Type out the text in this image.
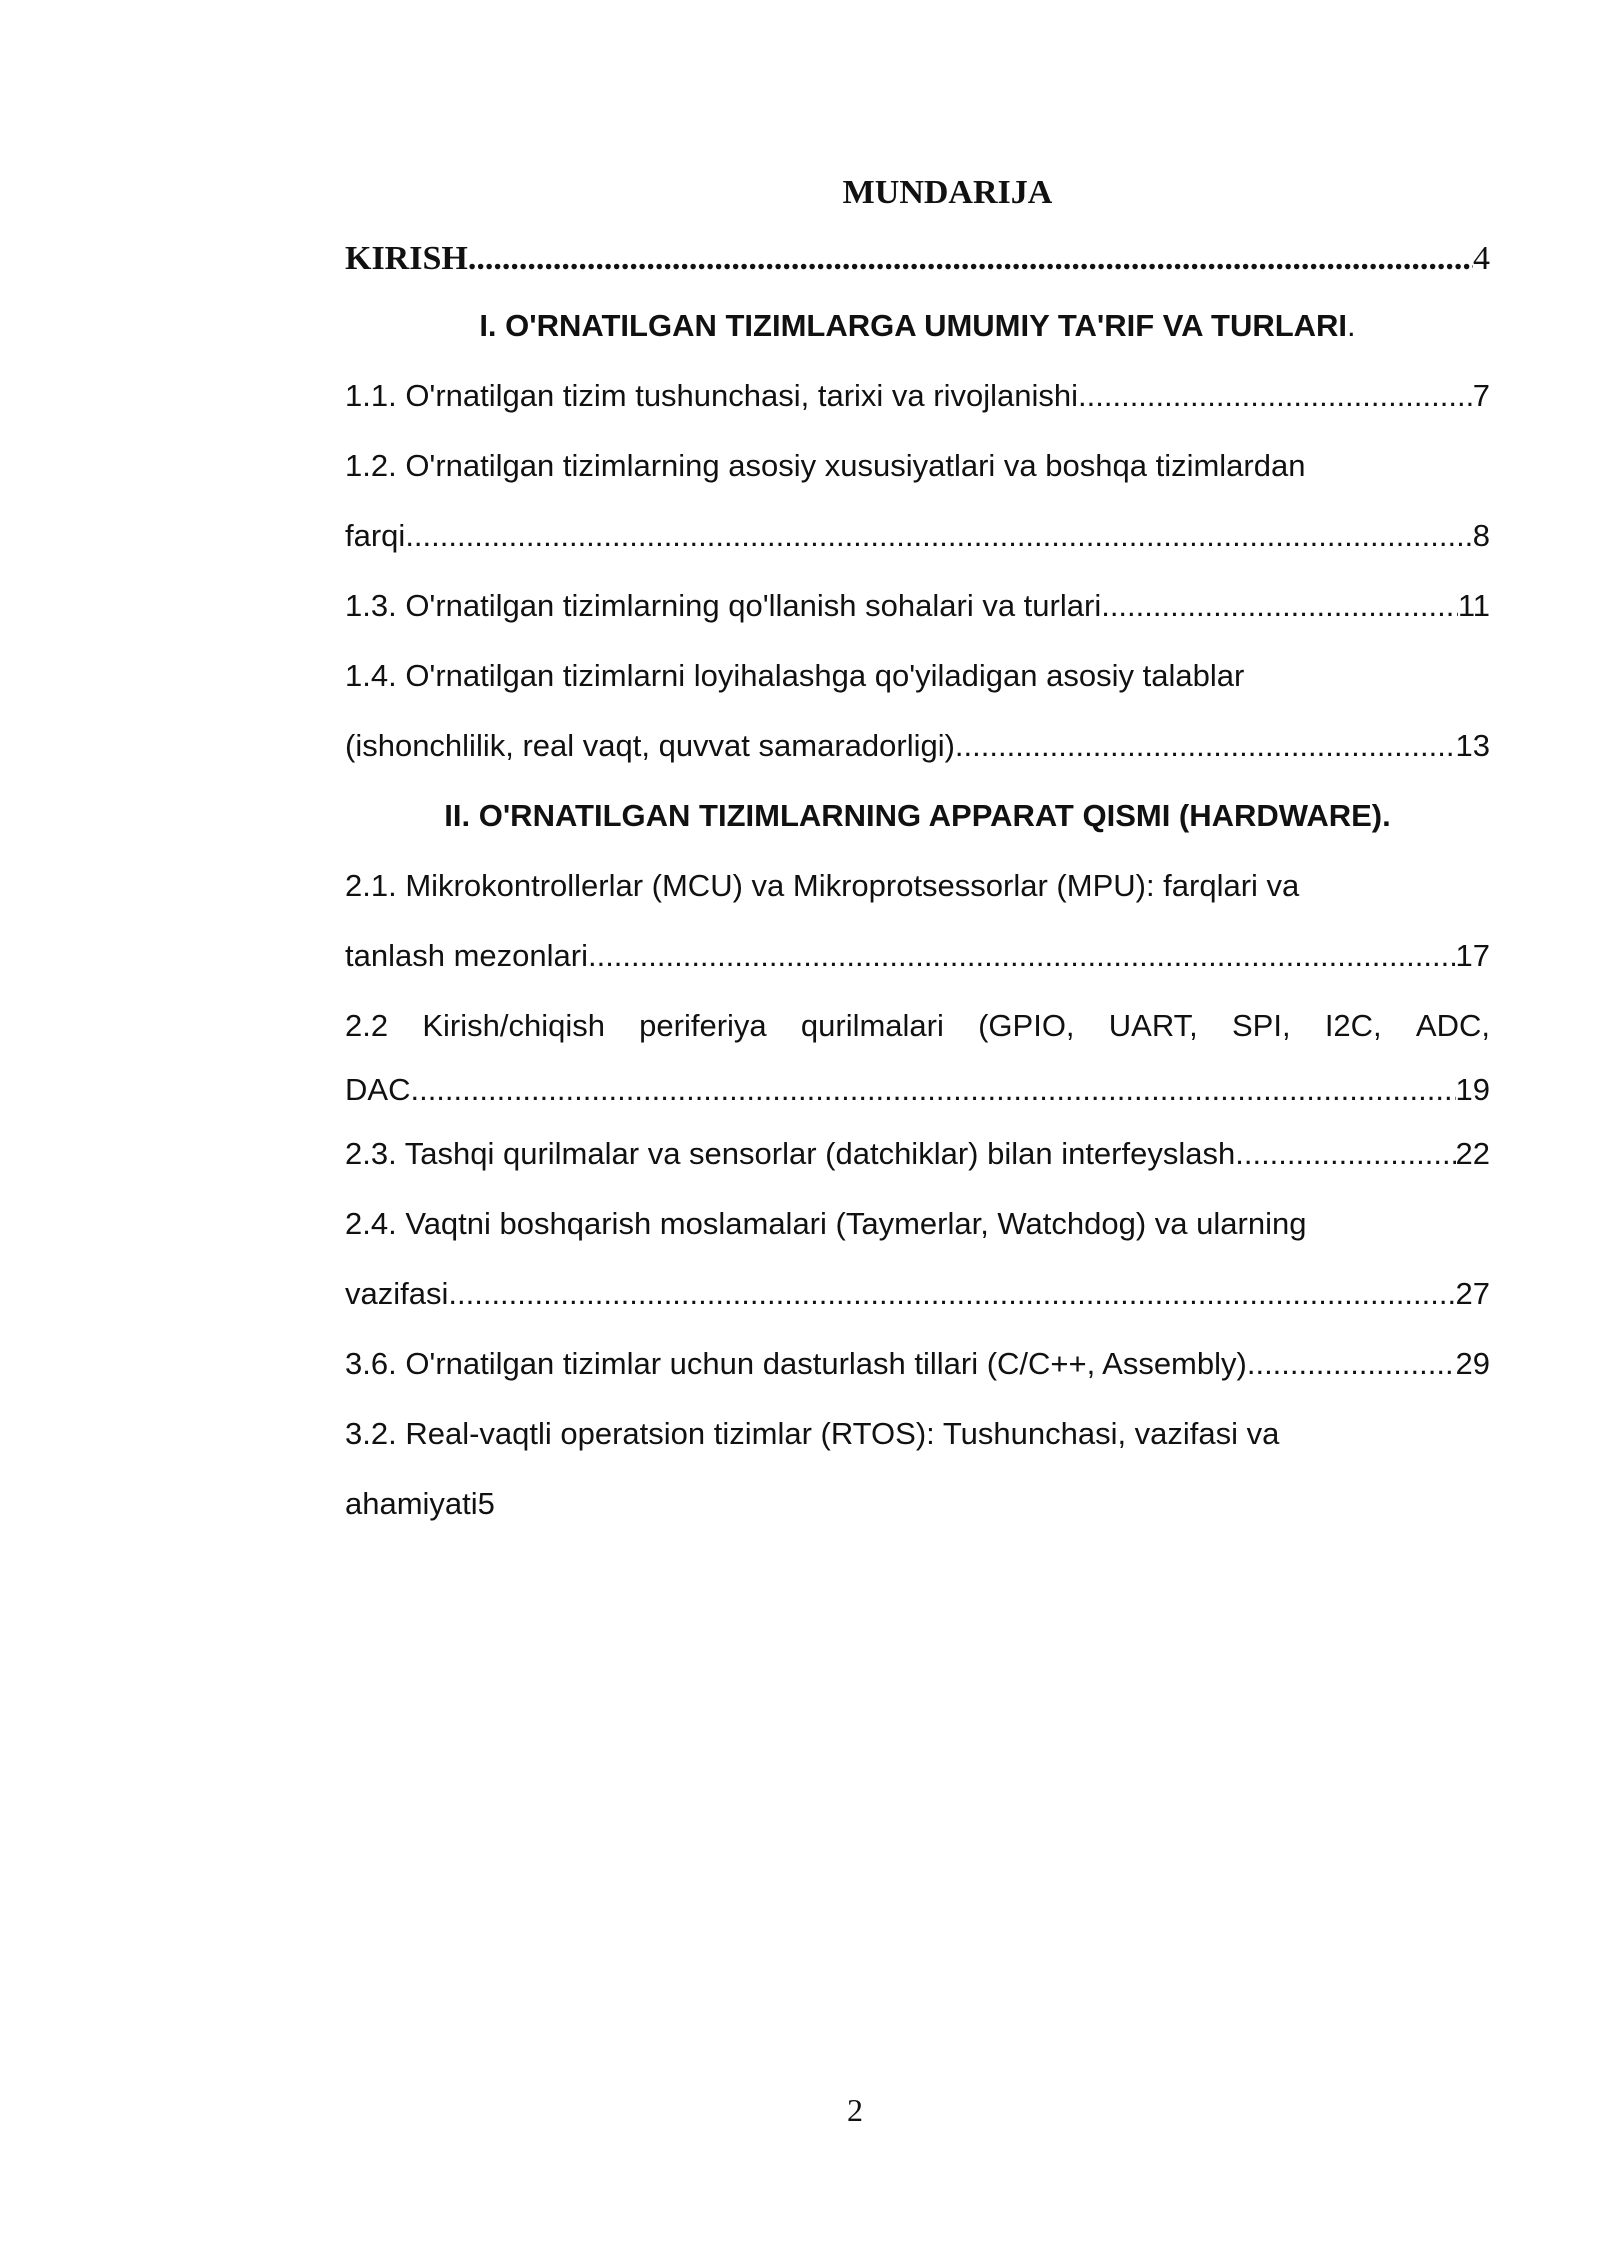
MUNDARIJA
KIRISH .....	4
I. O'RNATILGAN TIZIMLARGA UMUMIY TA'RIF VA TURLARI .
1.1. O'rnatilgan tizim tushunchasi, tarixi va rivojlanishi .....	7
1.2. O'rnatilgan tizimlarning asosiy xususiyatlari va boshqa tizimlardan
farqi .....	8
1.3. O'rnatilgan tizimlarning qo'llanish sohalari va turlari .....	11
1.4. O'rnatilgan tizimlarni loyihalashga qo'yiladigan asosiy talablar
(ishonchlilik, real vaqt, quvvat samaradorligi) .....	13
II. O'RNATILGAN TIZIMLARNING APPARAT QISMI (HARDWARE).
2.1. Mikrokontrollerlar (MCU) va Mikroprotsessorlar (MPU): farqlari va
tanlash mezonlari. .....	17
2.2 Kirish/chiqish periferiya qurilmalari (GPIO, UART, SPI, I2C, ADC,
DAC. .....	19
2.3. Tashqi qurilmalar va sensorlar (datchiklar) bilan interfeyslash .....	22
2.4. Vaqtni boshqarish moslamalari (Taymerlar, Watchdog) va ularning
vazifasi .....	27
3.6. O'rnatilgan tizimlar uchun dasturlash tillari (C/C++, Assembly) .....	29
3.2. Real-vaqtli operatsion tizimlar (RTOS): Tushunchasi, vazifasi va
ahamiyati5
2
